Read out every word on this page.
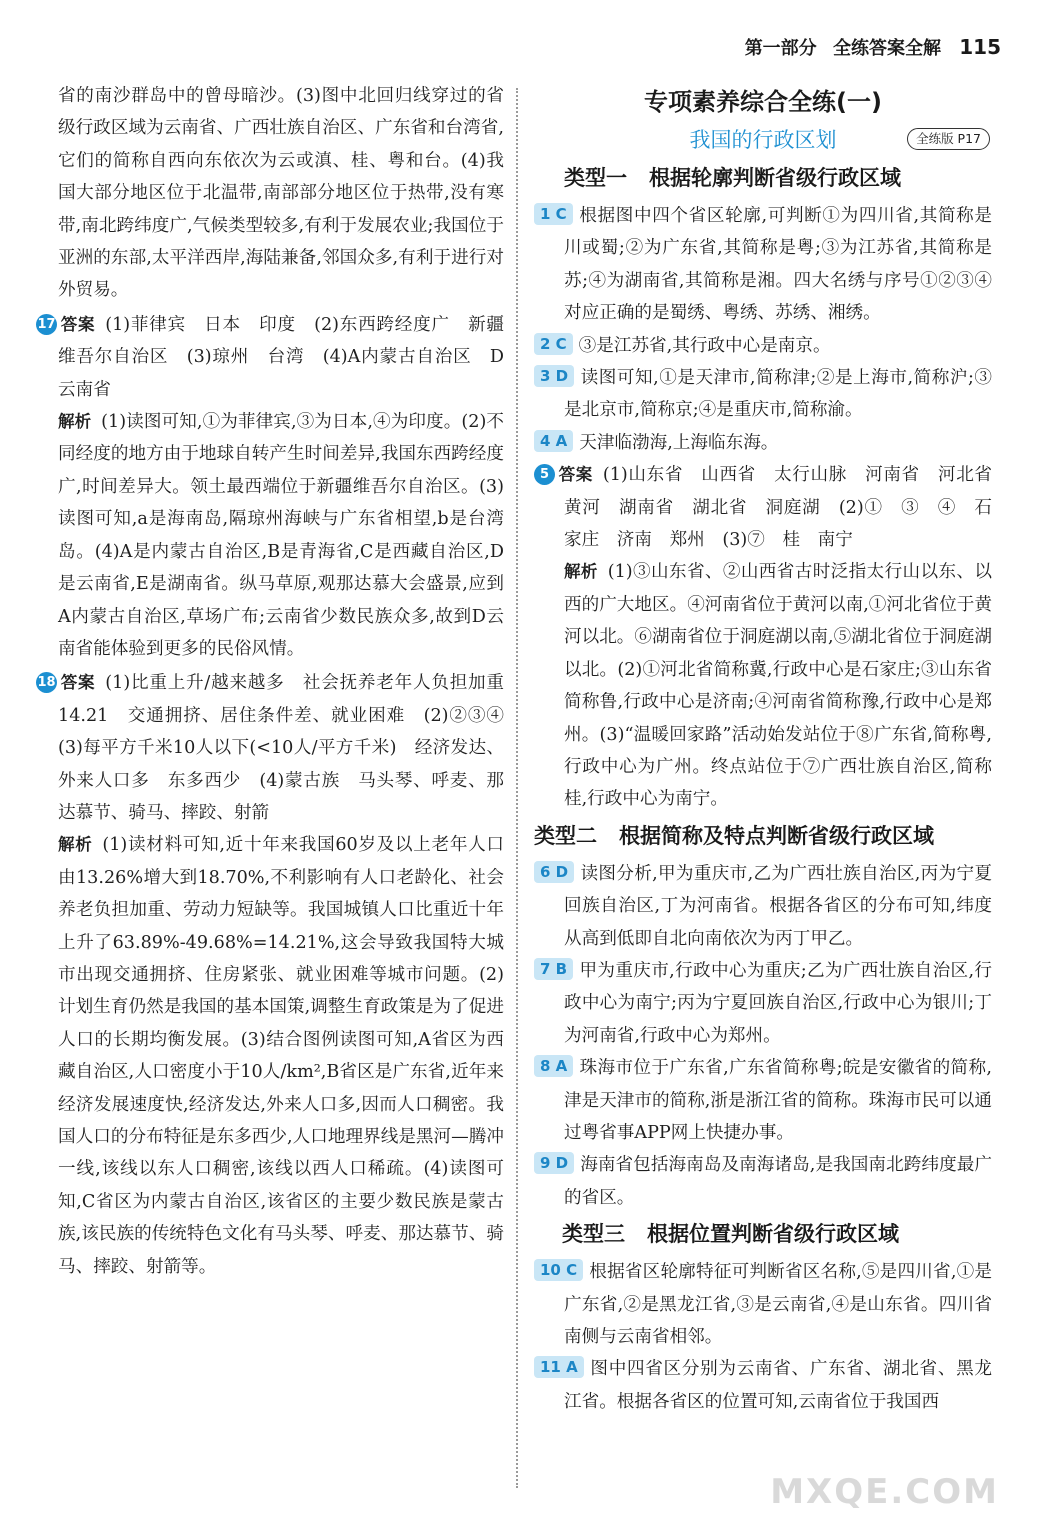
第一部分 全练答案全解 115

省的南沙群岛中的曾母暗沙。(3)图中北回归线穿过的省级行政区域为云南省、广西壮族自治区、广东省和台湾省,它们的简称自西向东依次为云或滇、桂、粤和台。(4)我国大部分地区位于北温带,南部部分地区位于热带,没有寒带,南北跨纬度广,气候类型较多,有利于发展农业;我国位于亚洲的东部,太平洋西岸,海陆兼备,邻国众多,有利于进行对外贸易。

17 答案 (1)菲律宾　日本　印度　(2)东西跨经度广　新疆维吾尔自治区　(3)琼州　台湾　(4)A内蒙古自治区　D云南省

解析 (1)读图可知,①为菲律宾,③为日本,④为印度。(2)不同经度的地方由于地球自转产生时间差异,我国东西跨经度广,时间差异大。领土最西端位于新疆维吾尔自治区。(3)读图可知,a是海南岛,隔琼州海峡与广东省相望,b是台湾岛。(4)A是内蒙古自治区,B是青海省,C是西藏自治区,D是云南省,E是湖南省。纵马草原,观那达慕大会盛景,应到A内蒙古自治区,草场广布;云南省少数民族众多,故到D云南省能体验到更多的民俗风情。

18 答案 (1)比重上升/越来越多　社会抚养老年人负担加重　14.21　交通拥挤、居住条件差、就业困难　(2)②③④　(3)每平方千米10人以下(<10人/平方千米)　经济发达、外来人口多　东多西少　(4)蒙古族　马头琴、呼麦、那达慕节、骑马、摔跤、射箭

解析 (1)读材料可知,近十年来我国60岁及以上老年人口由13.26%增大到18.70%,不利影响有人口老龄化、社会养老负担加重、劳动力短缺等。我国城镇人口比重近十年上升了63.89%-49.68%=14.21%,这会导致我国特大城市出现交通拥挤、住房紧张、就业困难等城市问题。(2)计划生育仍然是我国的基本国策,调整生育政策是为了促进人口的长期均衡发展。(3)结合图例读图可知,A省区为西藏自治区,人口密度小于10人/km²,B省区是广东省,近年来经济发展速度快,经济发达,外来人口多,因而人口稠密。我国人口的分布特征是东多西少,人口地理界线是黑河—腾冲一线,该线以东人口稠密,该线以西人口稀疏。(4)读图可知,C省区为内蒙古自治区,该省区的主要少数民族是蒙古族,该民族的传统特色文化有马头琴、呼麦、那达慕节、骑马、摔跤、射箭等。

专项素养综合全练(一)
我国的行政区划	全练版 P17
类型一 根据轮廓判断省级行政区域

1 C 根据图中四个省区轮廓,可判断①为四川省,其简称是川或蜀;②为广东省,其简称是粤;③为江苏省,其简称是苏;④为湖南省,其简称是湘。四大名绣与序号①②③④对应正确的是蜀绣、粤绣、苏绣、湘绣。

2 C ③是江苏省,其行政中心是南京。

3 D 读图可知,①是天津市,简称津;②是上海市,简称沪;③是北京市,简称京;④是重庆市,简称渝。

4 A 天津临渤海,上海临东海。

5 答案 (1)山东省　山西省　太行山脉　河南省　河北省　黄河　湖南省　湖北省　洞庭湖　(2)①　③　④　石家庄　济南　郑州　(3)⑦　桂　南宁

解析 (1)③山东省、②山西省古时泛指太行山以东、以西的广大地区。④河南省位于黄河以南,①河北省位于黄河以北。⑥湖南省位于洞庭湖以南,⑤湖北省位于洞庭湖以北。(2)①河北省简称冀,行政中心是石家庄;③山东省简称鲁,行政中心是济南;④河南省简称豫,行政中心是郑州。(3)“温暖回家路”活动始发站位于⑧广东省,简称粤,行政中心为广州。终点站位于⑦广西壮族自治区,简称桂,行政中心为南宁。

类型二 根据简称及特点判断省级行政区域

6 D 读图分析,甲为重庆市,乙为广西壮族自治区,丙为宁夏回族自治区,丁为河南省。根据各省区的分布可知,纬度从高到低即自北向南依次为丙丁甲乙。

7 B 甲为重庆市,行政中心为重庆;乙为广西壮族自治区,行政中心为南宁;丙为宁夏回族自治区,行政中心为银川;丁为河南省,行政中心为郑州。

8 A 珠海市位于广东省,广东省简称粤;皖是安徽省的简称,津是天津市的简称,浙是浙江省的简称。珠海市民可以通过粤省事APP网上快捷办事。

9 D 海南省包括海南岛及南海诸岛,是我国南北跨纬度最广的省区。

类型三 根据位置判断省级行政区域

10 C 根据省区轮廓特征可判断省区名称,⑤是四川省,①是广东省,②是黑龙江省,③是云南省,④是山东省。四川省南侧与云南省相邻。

11 A 图中四省区分别为云南省、广东省、湖北省、黑龙江省。根据各省区的位置可知,云南省位于我国西

MXQE.COM
